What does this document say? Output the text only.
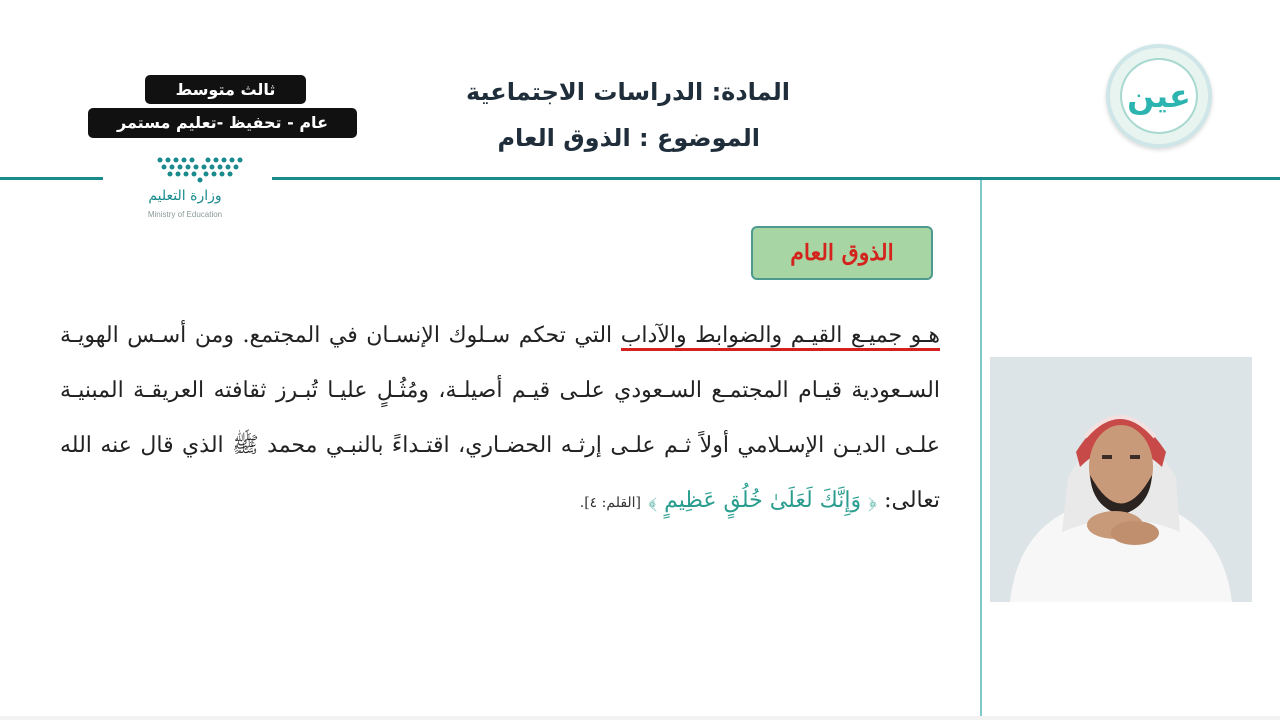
ثالث متوسط
عام - تحفيظ -تعليم مستمر
وزارة التعليم
Ministry of Education
المادة: الدراسات الاجتماعية
الموضوع : الذوق العام
عين
الذوق العام
هـو جميـع القيـم والضوابط والآداب التي تحكم سـلوك الإنسـان في المجتمع. ومن أسـس الهويـة السـعودية قيـام المجتمـع السـعودي علـى قيـم أصيلـة، ومُثُـلٍ عليـا تُبـرز ثقافته العريقـة المبنيـة علـى الديـن الإسـلامي أولاً ثـم علـى إرثـه الحضـاري، اقتـداءً بالنبـي محمد ﷺ الذي قال عنه الله تعالى: ﴿ وَإِنَّكَ لَعَلَىٰ خُلُقٍ عَظِيمٍ ﴾ [القلم: ٤].
